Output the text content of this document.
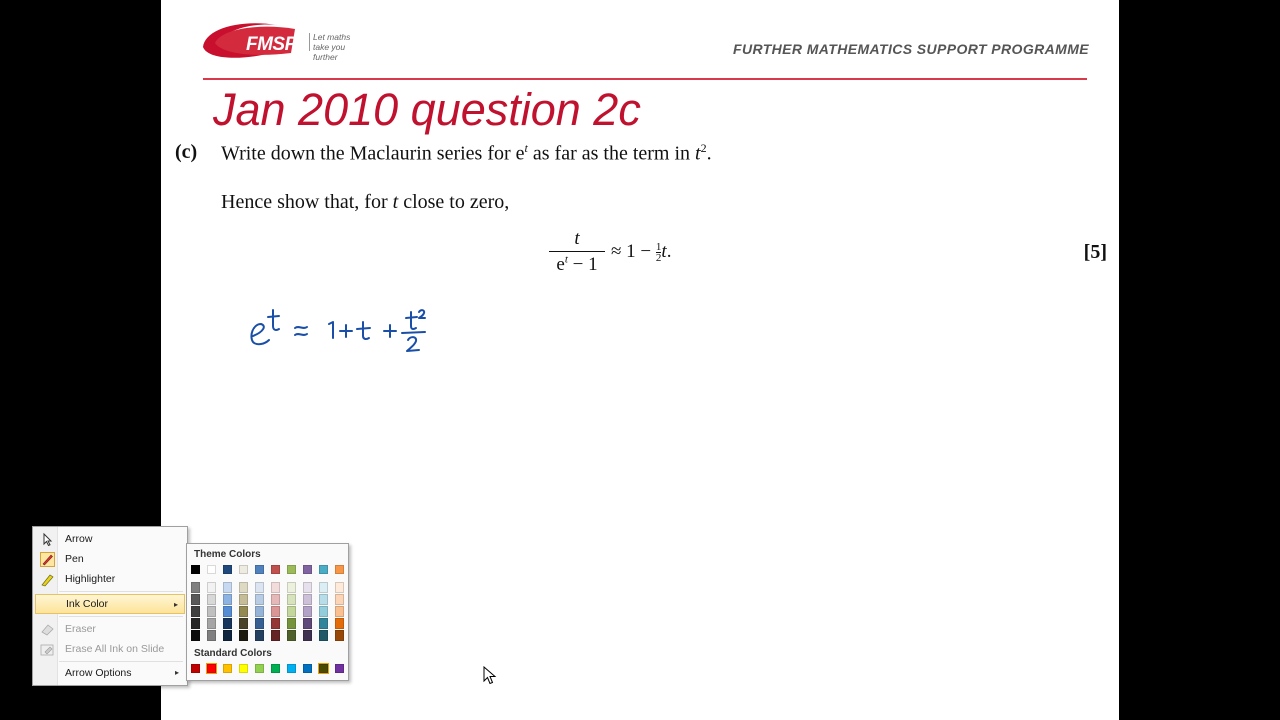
FMSP Let maths
take you further	FURTHER MATHEMATICS SUPPORT PROGRAMME
Jan 2010 question 2c
(c) Write down the Maclaurin series for $e^t$ as far as the term in $t^2$.
Hence show that, for t close to zero,
t
$e^t - 1$
≈ $1 - \frac{1}{2} t$.	[5]
Arrow
Pen
Highlighter
Ink Color	▸
Eraser
Erase All Ink on Slide
Arrow Options	▸
Theme Colors
Standard Colors
